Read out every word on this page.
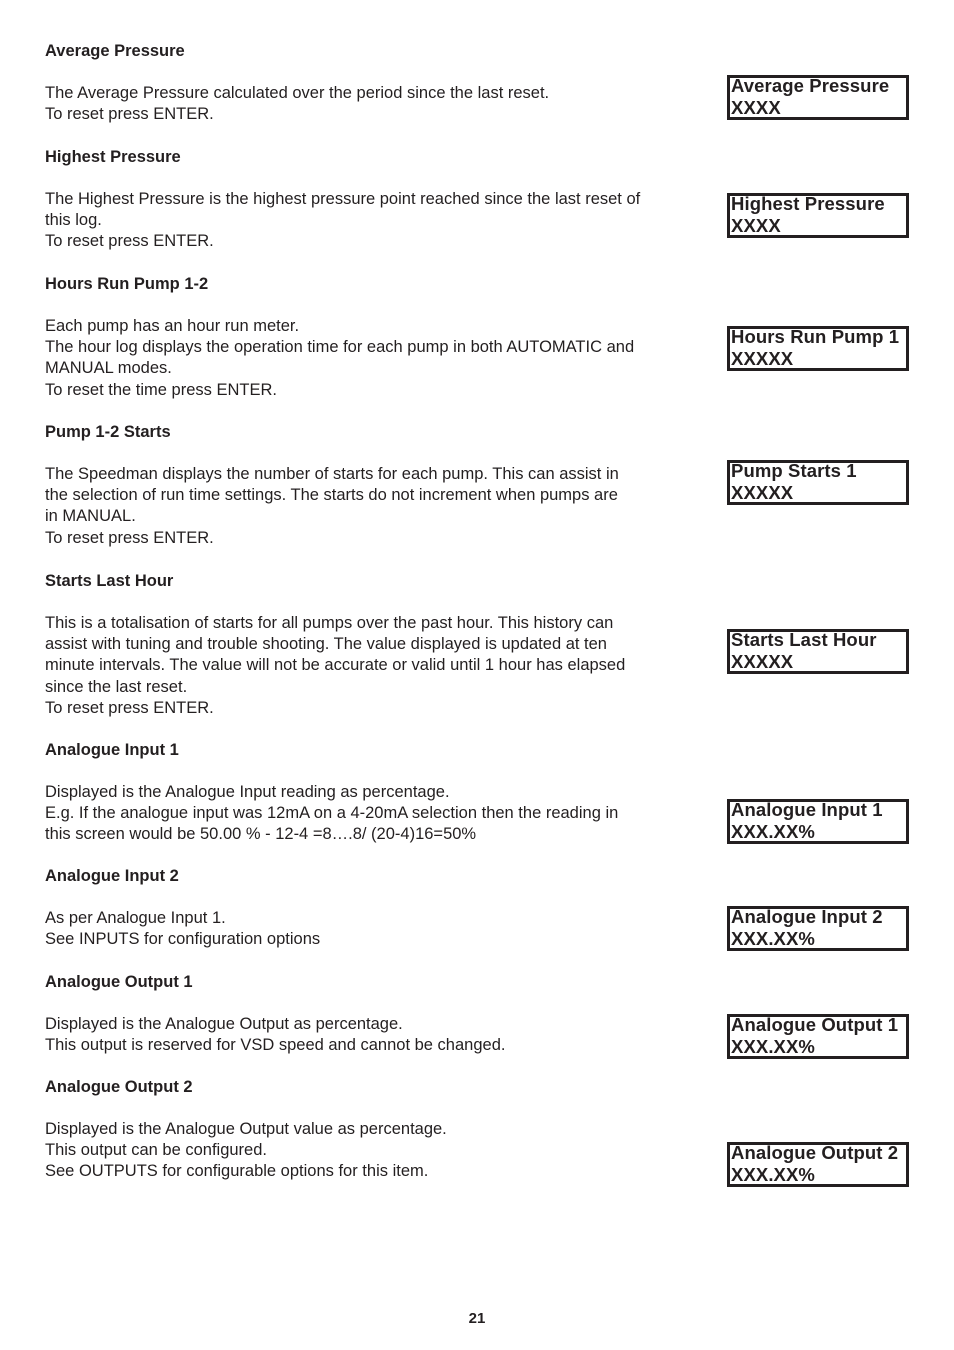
Average Pressure

The Average Pressure calculated over the period since the last reset.
To reset press ENTER.
Average Pressure
XXXX

Highest Pressure

The Highest Pressure is the highest pressure point reached since the last reset of
this log.
To reset press ENTER.
Highest Pressure
XXXX

Hours Run Pump 1-2

Each pump has an hour run meter.
The hour log displays the operation time for each pump in both AUTOMATIC and
MANUAL modes.
To reset the time press ENTER.
Hours Run Pump 1
XXXXX

Pump 1-2 Starts

The Speedman displays the number of starts for each pump. This can assist in
the selection of run time settings. The starts do not increment when pumps are
in MANUAL.
To reset press ENTER.
Pump Starts 1
XXXXX

Starts Last Hour

This is a totalisation of starts for all pumps over the past hour. This history can
assist with tuning and trouble shooting. The value displayed is updated at ten
minute intervals. The value will not be accurate or valid until 1 hour has elapsed
since the last reset.
To reset press ENTER.
Starts Last Hour
XXXXX

Analogue Input 1

Displayed is the Analogue Input reading as percentage.
E.g. If the analogue input was 12mA on a 4-20mA selection then the reading in
this screen would be 50.00 % - 12-4 =8….8/ (20-4)16=50%
Analogue Input 1
XXX.XX%

Analogue Input 2

As per Analogue Input 1.
See INPUTS for configuration options
Analogue Input 2
XXX.XX%

Analogue Output 1

Displayed is the Analogue Output as percentage.
This output is reserved for VSD speed and cannot be changed.
Analogue Output 1
XXX.XX%

Analogue Output 2

Displayed is the Analogue Output value as percentage.
This output can be configured.
See OUTPUTS for configurable options for this item.
Analogue Output 2
XXX.XX%
21
